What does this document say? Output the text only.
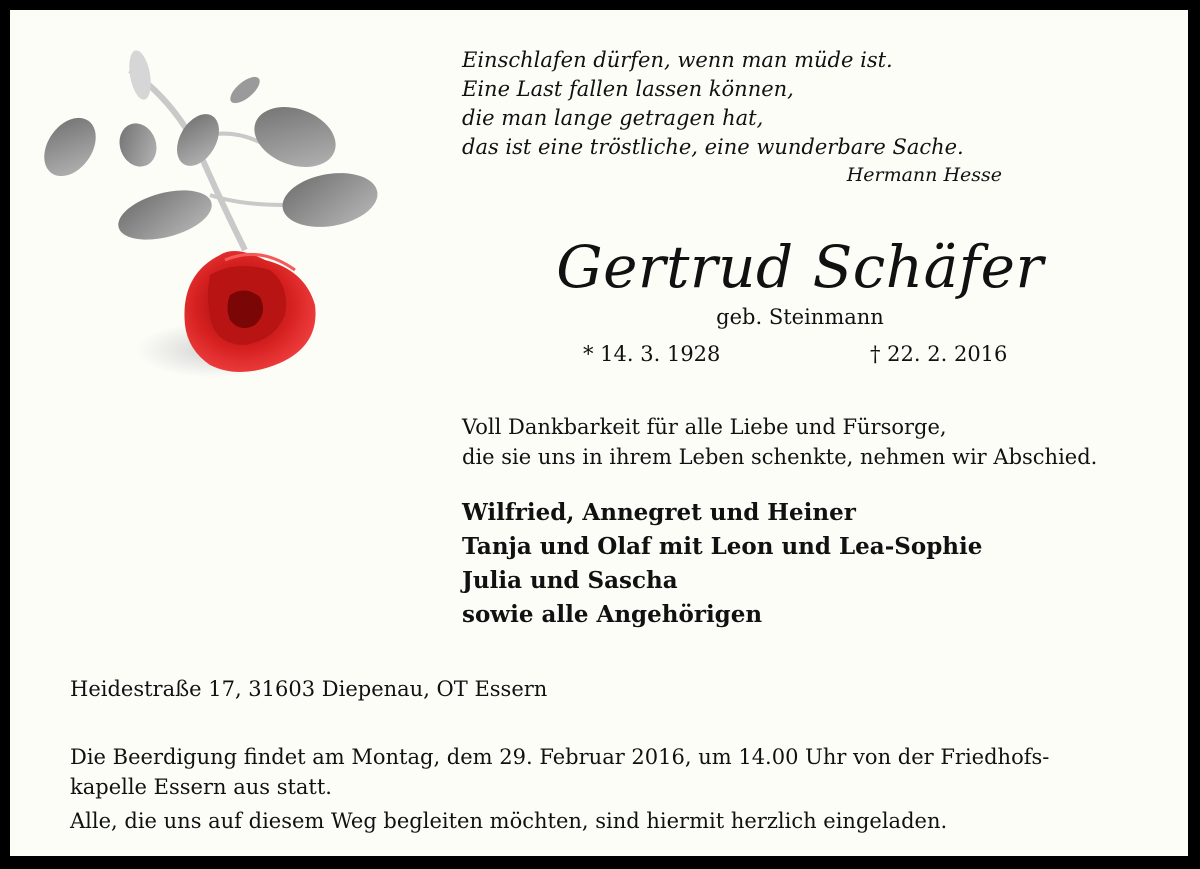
Einschlafen dürfen, wenn man müde ist.
Eine Last fallen lassen können,
die man lange getragen hat,
das ist eine tröstliche, eine wunderbare Sache.
Hermann Hesse
Gertrud Schäfer
geb. Steinmann
* 14. 3. 1928	† 22. 2. 2016
Voll Dankbarkeit für alle Liebe und Fürsorge,
die sie uns in ihrem Leben schenkte, nehmen wir Abschied.
Wilfried, Annegret und Heiner
Tanja und Olaf mit Leon und Lea-Sophie
Julia und Sascha
sowie alle Angehörigen
Heidestraße 17, 31603 Diepenau, OT Essern
Die Beerdigung findet am Montag, dem 29. Februar 2016, um 14.00 Uhr von der Friedhofs-
kapelle Essern aus statt.
Alle, die uns auf diesem Weg begleiten möchten, sind hiermit herzlich eingeladen.
